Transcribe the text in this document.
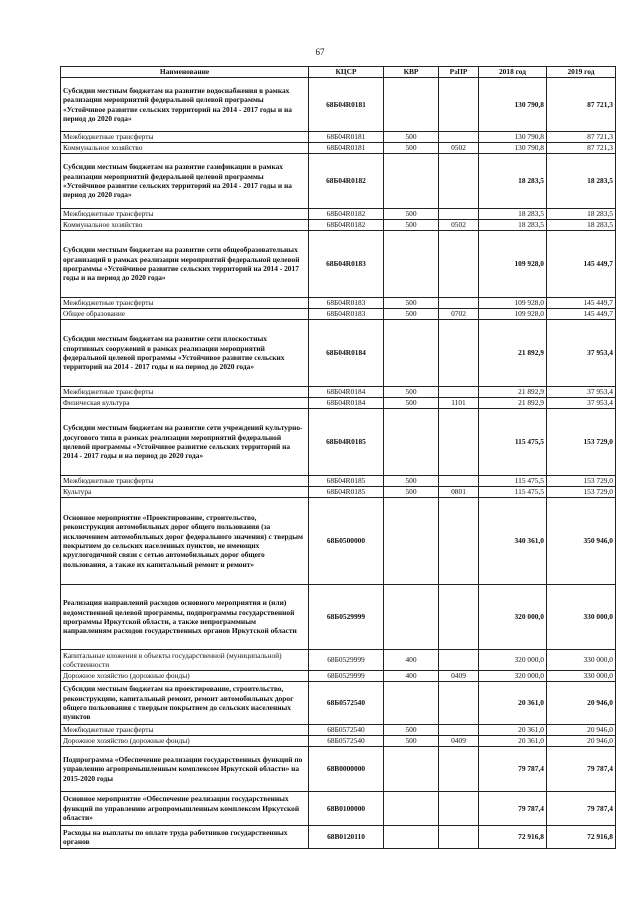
67
Наименование	КЦСР	КВР	РзПР	2018 год	2019 год
Субсидии местным бюджетам на развитие водоснабжения в рамках реализации мероприятий федеральной целевой программы «Устойчивое развитие сельских территорий на 2014 - 2017 годы и на период до 2020 года»	68Б04R0181			130 790,8	87 721,3
Межбюджетные трансферты	68Б04R0181	500		130 790,8	87 721,3
Коммунальное хозяйство	68Б04R0181	500	0502	130 790,8	87 721,3
Субсидии местным бюджетам на развитие газификации в рамках реализации мероприятий федеральной целевой программы «Устойчивое развитие сельских территорий на 2014 - 2017 годы и на период до 2020 года»	68Б04R0182			18 283,5	18 283,5
Межбюджетные трансферты	68Б04R0182	500		18 283,5	18 283,5
Коммунальное хозяйство	68Б04R0182	500	0502	18 283,5	18 283,5
Субсидии местным бюджетам на развитие сети общеобразовательных организаций в рамках реализации мероприятий федеральной целевой программы «Устойчивое развитие сельских территорий на 2014 - 2017 годы и на период до 2020 года»	68Б04R0183			109 928,0	145 449,7
Межбюджетные трансферты	68Б04R0183	500		109 928,0	145 449,7
Общее образование	68Б04R0183	500	0702	109 928,0	145 449,7
Субсидии местным бюджетам на развитие сети плоскостных спортивных сооружений в рамках реализации мероприятий федеральной целевой программы «Устойчивое развитие сельских территорий на 2014 - 2017 годы и на период до 2020 года»	68Б04R0184			21 892,9	37 953,4
Межбюджетные трансферты	68Б04R0184	500		21 892,9	37 953,4
Физическая культура	68Б04R0184	500	1101	21 892,9	37 953,4
Субсидии местным бюджетам на развитие сети учреждений культурно-досугового типа в рамках реализации мероприятий федеральной целевой программы «Устойчивое развитие сельских территорий на 2014 - 2017 годы и на период до 2020 года»	68Б04R0185			115 475,5	153 729,0
Межбюджетные трансферты	68Б04R0185	500		115 475,5	153 729,0
Культура	68Б04R0185	500	0801	115 475,5	153 729,0
Основное мероприятие «Проектирование, строительство, реконструкция автомобильных дорог общего пользования (за исключением автомобильных дорог федерального значения) с твердым покрытием до сельских населенных пунктов, не имеющих круглогодичной связи с сетью автомобильных дорог общего пользования, а также их капитальный ремонт и ремонт»	68Б0500000			340 361,0	350 946,0
Реализация направлений расходов основного мероприятия и (или) ведомственной целевой программы, подпрограммы государственной программы Иркутской области, а также непрограммным направлениям расходов государственных органов Иркутской области	68Б0529999			320 000,0	330 000,0
Капитальные вложения в объекты государственной (муниципальной) собственности	68Б0529999	400		320 000,0	330 000,0
Дорожное хозяйство (дорожные фонды)	68Б0529999	400	0409	320 000,0	330 000,0
Субсидии местным бюджетам на проектирование, строительство, реконструкцию, капитальный ремонт, ремонт автомобильных дорог общего пользования с твердым покрытием до сельских населенных пунктов	68Б0572540			20 361,0	20 946,0
Межбюджетные трансферты	68Б0572540	500		20 361,0	20 946,0
Дорожное хозяйство (дорожные фонды)	68Б0572540	500	0409	20 361,0	20 946,0
Подпрограмма «Обеспечение реализации государственных функций по управлению агропромышленным комплексом Иркутской области» на 2015-2020 годы	68В0000000			79 787,4	79 787,4
Основное мероприятие «Обеспечение реализации государственных функций по управлению агропромышленным комплексом Иркутской области»	68В0100000			79 787,4	79 787,4
Расходы на выплаты по оплате труда работников государственных органов	68В0120110			72 916,8	72 916,8
